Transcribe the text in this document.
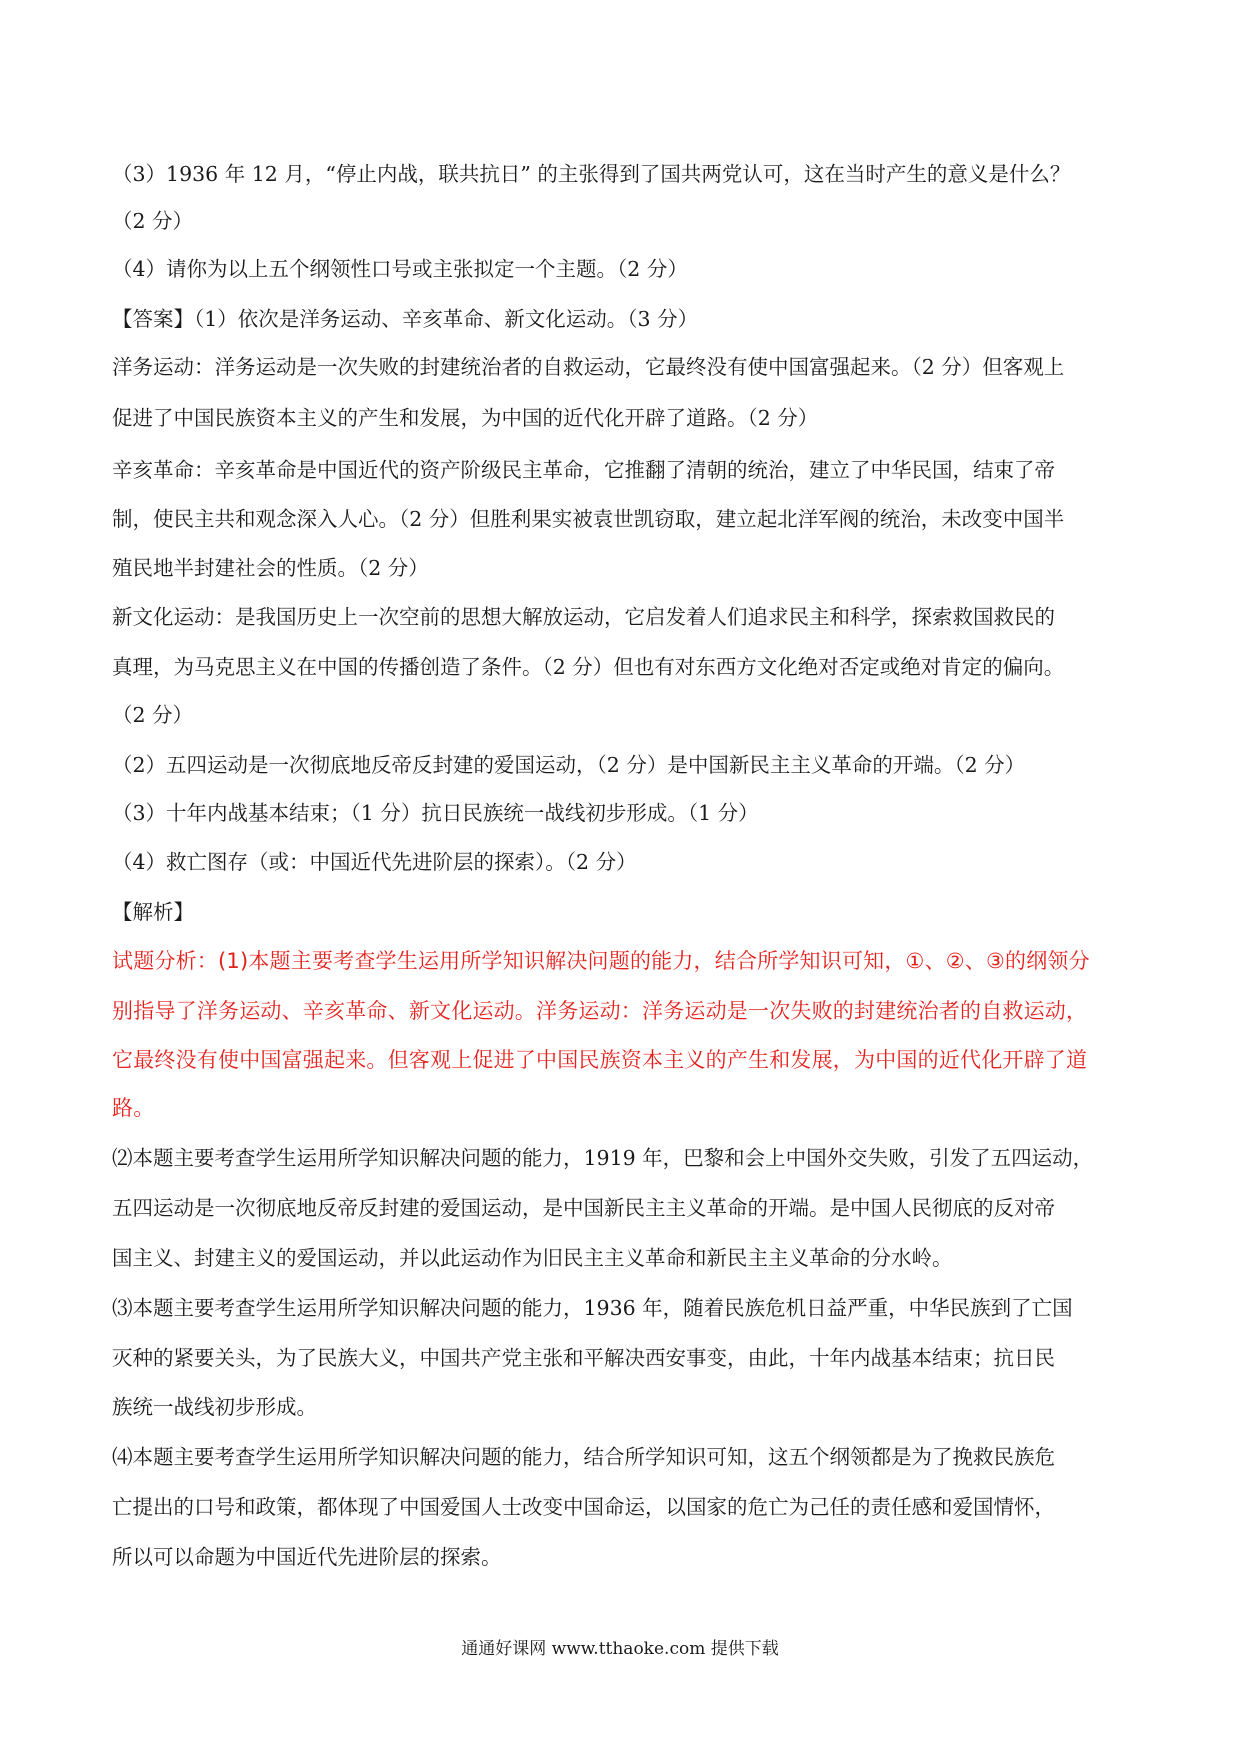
（3）1936 年 12 月，“停止内战，联共抗日” 的主张得到了国共两党认可，这在当时产生的意义是什么？
（2 分）
（4）请你为以上五个纲领性口号或主张拟定一个主题。（2 分）
【答案】（1）依次是洋务运动、辛亥革命、新文化运动。（3 分）
洋务运动：洋务运动是一次失败的封建统治者的自救运动，它最终没有使中国富强起来。（2 分）但客观上
促进了中国民族资本主义的产生和发展，为中国的近代化开辟了道路。（2 分）
辛亥革命：辛亥革命是中国近代的资产阶级民主革命，它推翻了清朝的统治，建立了中华民国，结束了帝
制，使民主共和观念深入人心。（2 分）但胜利果实被袁世凯窃取，建立起北洋军阀的统治，未改变中国半
殖民地半封建社会的性质。（2 分）
新文化运动：是我国历史上一次空前的思想大解放运动，它启发着人们追求民主和科学，探索救国救民的
真理，为马克思主义在中国的传播创造了条件。（2 分）但也有对东西方文化绝对否定或绝对肯定的偏向。
（2 分）
（2）五四运动是一次彻底地反帝反封建的爱国运动，（2 分）是中国新民主主义革命的开端。（2 分）
（3）十年内战基本结束；（1 分）抗日民族统一战线初步形成。（1 分）
（4）救亡图存（或：中国近代先进阶层的探索）。（2 分）
【解析】
试题分析：(1)本题主要考查学生运用所学知识解决问题的能力，结合所学知识可知，①、②、③的纲领分
别指导了洋务运动、辛亥革命、新文化运动。洋务运动：洋务运动是一次失败的封建统治者的自救运动，
它最终没有使中国富强起来。但客观上促进了中国民族资本主义的产生和发展，为中国的近代化开辟了道
路。
⑵本题主要考查学生运用所学知识解决问题的能力，1919 年，巴黎和会上中国外交失败，引发了五四运动，
五四运动是一次彻底地反帝反封建的爱国运动，是中国新民主主义革命的开端。是中国人民彻底的反对帝
国主义、封建主义的爱国运动，并以此运动作为旧民主主义革命和新民主主义革命的分水岭。
⑶本题主要考查学生运用所学知识解决问题的能力，1936 年，随着民族危机日益严重，中华民族到了亡国
灭种的紧要关头，为了民族大义，中国共产党主张和平解决西安事变，由此，十年内战基本结束；抗日民
族统一战线初步形成。
⑷本题主要考查学生运用所学知识解决问题的能力，结合所学知识可知，这五个纲领都是为了挽救民族危
亡提出的口号和政策，都体现了中国爱国人士改变中国命运，以国家的危亡为己任的责任感和爱国情怀，
所以可以命题为中国近代先进阶层的探索。
通通好课网 www.tthaoke.com 提供下载
